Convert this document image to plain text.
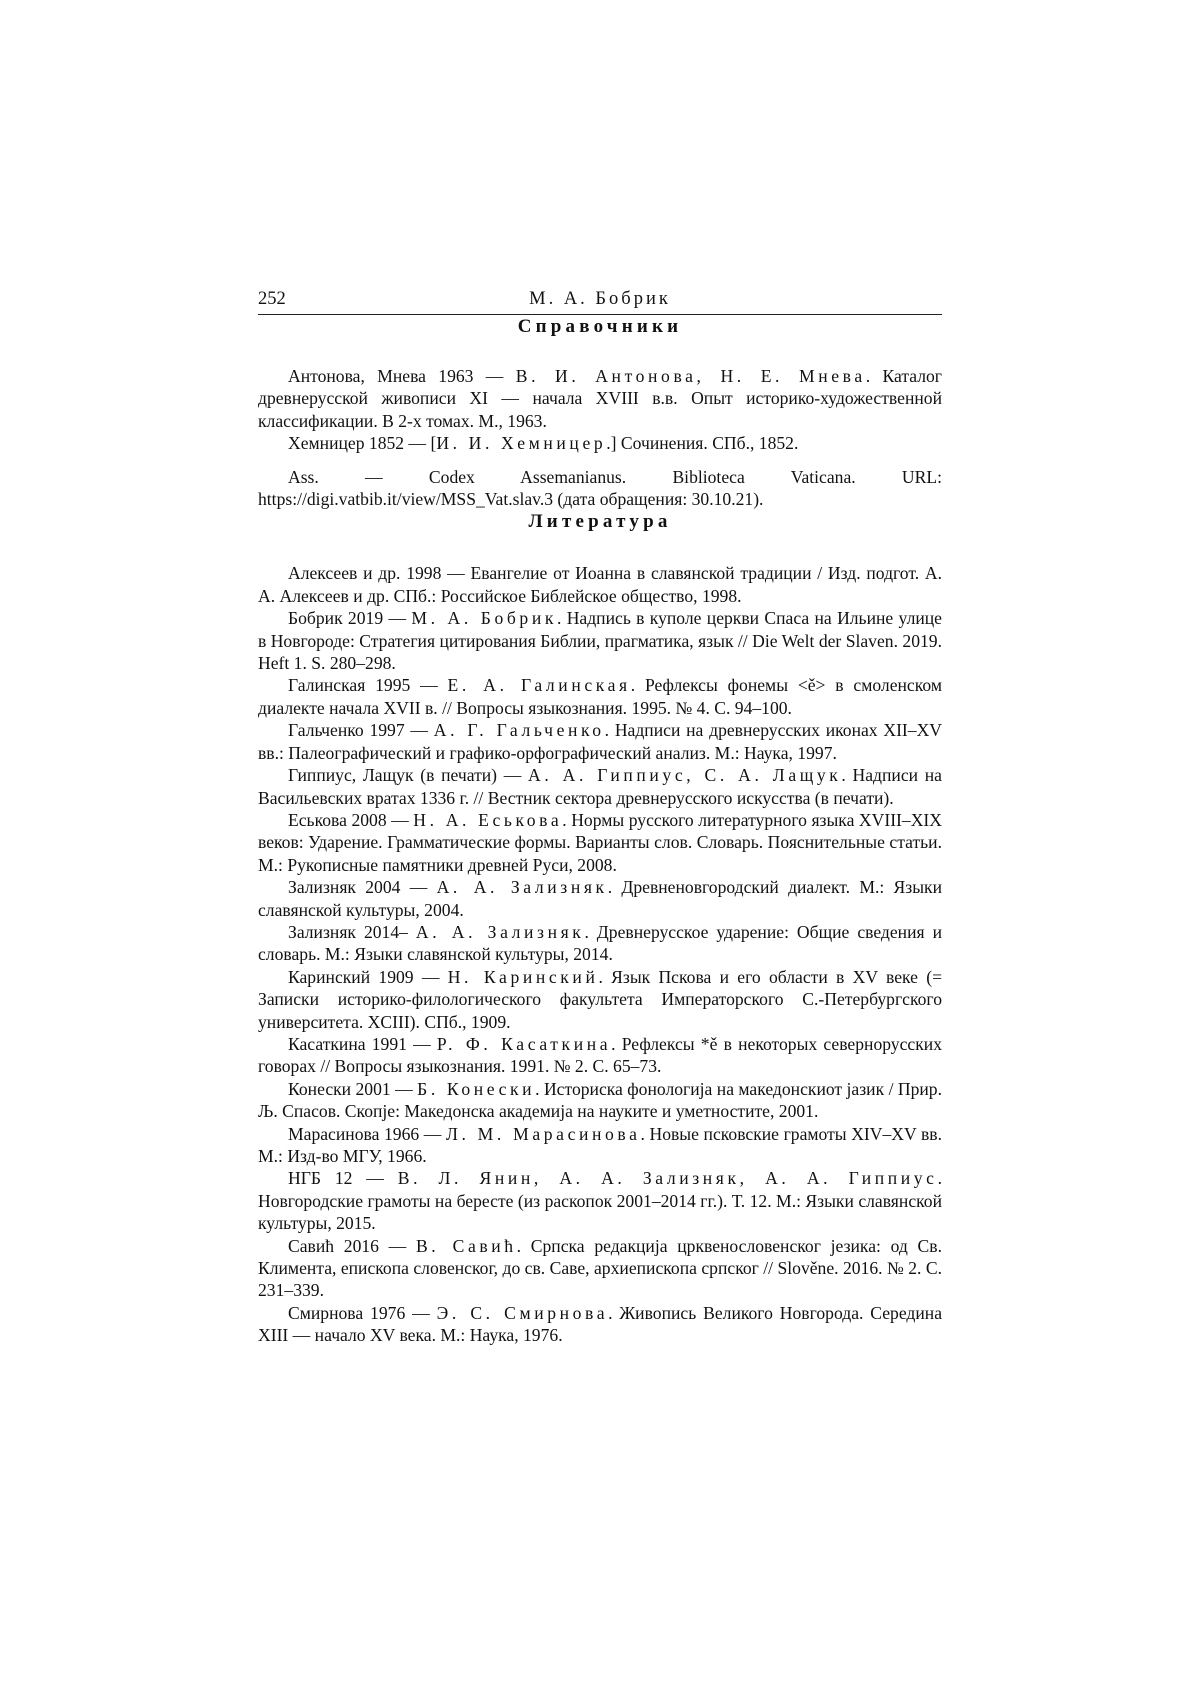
252	М. А. Бобрик
Справочники

Антонова, Мнева 1963 — В. И. Антонова, Н. Е. Мнева. Каталог древнерусской живописи XI — начала XVIII в.в. Опыт историко-художественной классификации. В 2-х томах. М., 1963.

Хемницер 1852 — [И. И. Хемницер.] Сочинения. СПб., 1852.

Ass. — Codex Assemanianus. Biblioteca Vaticana. URL: https://digi.vatbib.it/view/MSS_Vat.slav.3 (дата обращения: 30.10.21).

Литература

Алексеев и др. 1998 — Евангелие от Иоанна в славянской традиции / Изд. подгот. А. А. Алексеев и др. СПб.: Российское Библейское общество, 1998.

Бобрик 2019 — М. А. Бобрик. Надпись в куполе церкви Спаса на Ильине улице в Новгороде: Стратегия цитирования Библии, прагматика, язык // Die Welt der Slaven. 2019. Heft 1. S. 280–298.

Галинская 1995 — Е. А. Галинская. Рефлексы фонемы <ě> в смоленском диалекте начала XVII в. // Вопросы языкознания. 1995. № 4. С. 94–100.

Гальченко 1997 — А. Г. Гальченко. Надписи на древнерусских иконах XII–XV вв.: Палеографический и графико-орфографический анализ. М.: Наука, 1997.

Гиппиус, Лащук (в печати) — А. А. Гиппиус, С. А. Лащук. Надписи на Васильевских вратах 1336 г. // Вестник сектора древнерусского искусства (в печати).

Еськова 2008 — Н. А. Еськова. Нормы русского литературного языка XVIII–XIX веков: Ударение. Грамматические формы. Варианты слов. Словарь. Пояснительные статьи. М.: Рукописные памятники древней Руси, 2008.

Зализняк 2004 — А. А. Зализняк. Древненовгородский диалект. М.: Языки славянской культуры, 2004.

Зализняк 2014– А. А. Зализняк. Древнерусское ударение: Общие сведения и словарь. М.: Языки славянской культуры, 2014.

Каринский 1909 — Н. Каринский. Язык Пскова и его области в XV веке (= Записки историко-филологического факультета Императорского С.-Петербургского университета. XCIII). СПб., 1909.

Касаткина 1991 — Р. Ф. Касаткина. Рефлексы *ě в некоторых севернорусских говорах // Вопросы языкознания. 1991. № 2. С. 65–73.

Конески 2001 — Б. Конески. Историска фонологија на македонскиот јазик / Прир. Љ. Спасов. Скопје: Македонска академија на науките и уметностите, 2001.

Марасинова 1966 — Л. М. Марасинова. Новые псковские грамоты XIV–XV вв. М.: Изд-во МГУ, 1966.

НГБ 12 — В. Л. Янин, А. А. Зализняк, А. А. Гиппиус. Новгородские грамоты на бересте (из раскопок 2001–2014 гг.). Т. 12. М.: Языки славянской культуры, 2015.

Савић 2016 — В. Савић. Српска редакција црквенословенског језика: од Св. Климента, епископа словенског, до св. Саве, архиепископа српског // Slověne. 2016. № 2. С. 231–339.

Смирнова 1976 — Э. С. Смирнова. Живопись Великого Новгорода. Середина XIII — начало XV века. М.: Наука, 1976.
